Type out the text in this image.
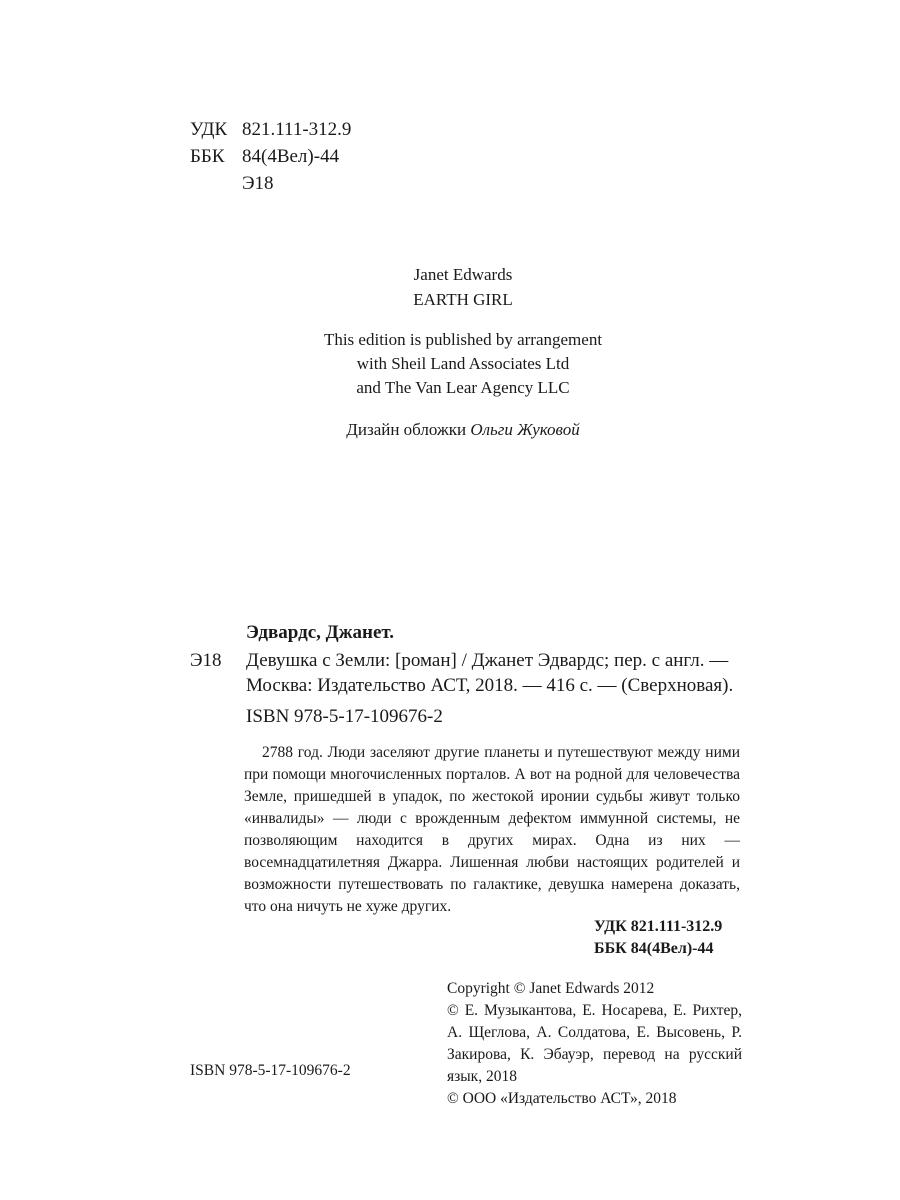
УДК 821.111-312.9
ББК 84(4Вел)-44
Э18
Janet Edwards
EARTH GIRL
This edition is published by arrangement
with Sheil Land Associates Ltd
and The Van Lear Agency LLC
Дизайн обложки Ольги Жуковой
Эдвардс, Джанет.
Э18 Девушка с Земли: [роман] / Джанет Эдвардс; пер. с англ. — Москва: Издательство АСТ, 2018. — 416 с. — (Сверхновая).
ISBN 978-5-17-109676-2
2788 год. Люди заселяют другие планеты и путешествуют между ними при помощи многочисленных порталов. А вот на родной для человечества Земле, пришедшей в упадок, по жестокой иронии судьбы живут только «инвалиды» — люди с врожденным дефектом иммунной системы, не позволяющим находится в других мирах. Одна из них — восемнадцатилетняя Джарра. Лишенная любви настоящих родителей и возможности путешествовать по галактике, девушка намерена доказать, что она ничуть не хуже других.
УДК 821.111-312.9
ББК 84(4Вел)-44
Copyright © Janet Edwards 2012
© Е. Музыкантова, Е. Носарева, Е. Рихтер, А. Щеглова, А. Солдатова, Е. Высовень, Р. Закирова, К. Эбауэр, перевод на русский язык, 2018
© ООО «Издательство АСТ», 2018
ISBN 978-5-17-109676-2
